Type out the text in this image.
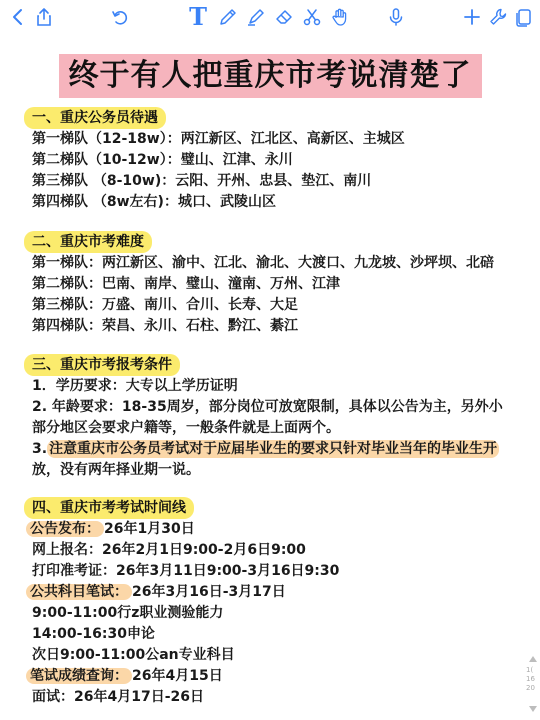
T
终于有人把重庆市考说清楚了
一、重庆公务员待遇
第一梯队（12-18w）：两江新区、江北区、高新区、主城区
第二梯队（10-12w）：璧山、江津、永川
第三梯队 （8-10w)：云阳、开州、忠县、垫江、南川
第四梯队 （8w左右)：城口、武陵山区
二、重庆市考难度
第一梯队：两江新区、渝中、江北、渝北、大渡口、九龙坡、沙坪坝、北碚
第二梯队：巴南、南岸、璧山、潼南、万州、江津
第三梯队：万盛、南川、合川、长寿、大足
第四梯队：荣昌、永川、石柱、黔江、綦江
三、重庆市考报考条件
1．学历要求：大专以上学历证明
2. 年龄要求：18-35周岁，部分岗位可放宽限制，具体以公告为主，另外小
部分地区会要求户籍等，一般条件就是上面两个。
3. 注意重庆市公务员考试对于应届毕业生的要求只针对毕业当年的毕业生开
放，没有两年择业期一说。
四、重庆市考考试时间线
公告发布： 26年1月30日
网上报名：26年2月1日9:00-2月6日9:00
打印准考证：26年3月11日9:00-3月16日9:30
公共科目笔试： 26年3月16日-3月17日
9:00-11:00行z职业测验能力
14:00-16:30申论
次日9:00-11:00公an专业科目
笔试成绩查询： 26年4月15日
面试：26年4月17日-26日
1(
16
20
